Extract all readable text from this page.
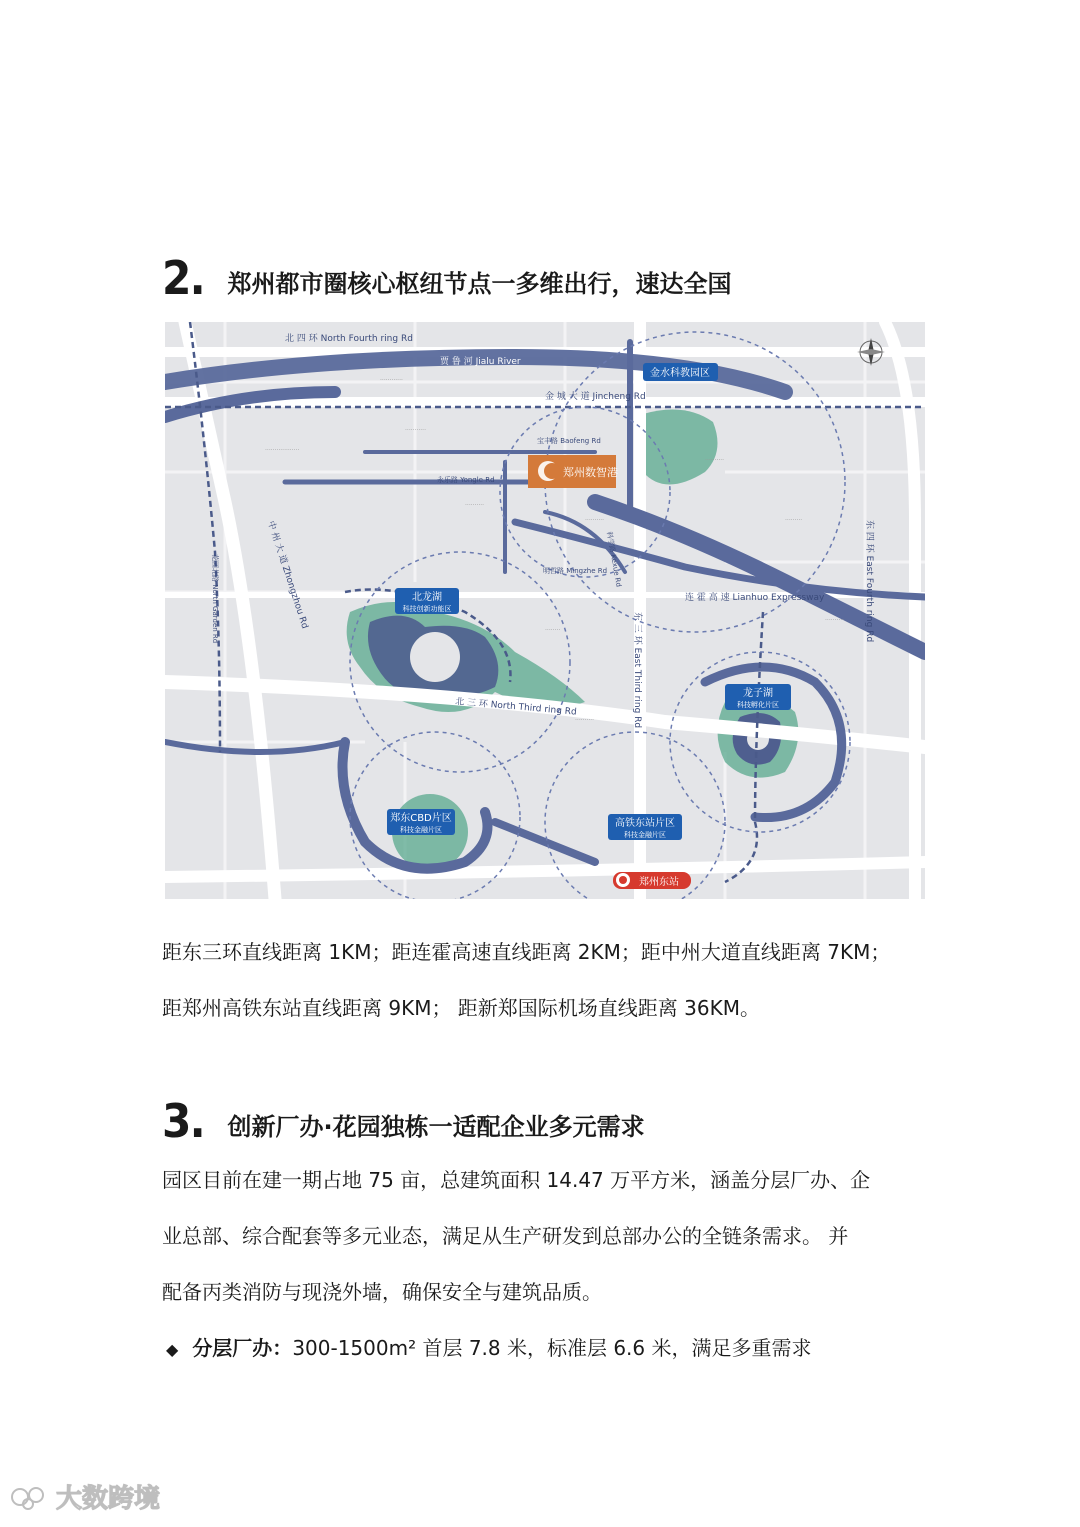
2. 郑州都市圈核心枢纽节点一多维出行，速达全国
北 四 环 North Fourth ring Rd
贾 鲁 河 Jialu River
金 城 大 道 Jincheng Rd
宝丰路 Baofeng Rd
永乐路 Yongle Rd
连 霍 高 速 Lianhuo Expressway
北 三 环 North Third ring Rd	东 三 环 East Third ring Rd
东 四 环 East Fourth ring Rd
中 州 大 道 Zhongzhou Rd	明哲路 Mingzhe Rd
科学路 Kexue Rd
花园北路 North Garden Rd
············
··················
···········
··········
··········
··········
·········
··········
········
··········
郑州数智港
金水科教园区
北龙湖
科技创新功能区
龙子湖
科技孵化片区
郑东CBD片区
科技金融片区
高铁东站片区
科技金融片区
郑州东站
距东三环直线距离 1KM；距连霍高速直线距离 2KM；距中州大道直线距离 7KM；
距郑州高铁东站直线距离 9KM； 距新郑国际机场直线距离 36KM。
3. 创新厂办·花园独栋一适配企业多元需求
园区目前在建一期占地 75 亩，总建筑面积 14.47 万平方米，涵盖分层厂办、企
业总部、综合配套等多元业态，满足从生产研发到总部办公的全链条需求。 并
配备丙类消防与现浇外墙，确保安全与建筑品质。
◆ 分层厂办：300-1500m² 首层 7.8 米，标准层 6.6 米，满足多重需求
大数跨境
